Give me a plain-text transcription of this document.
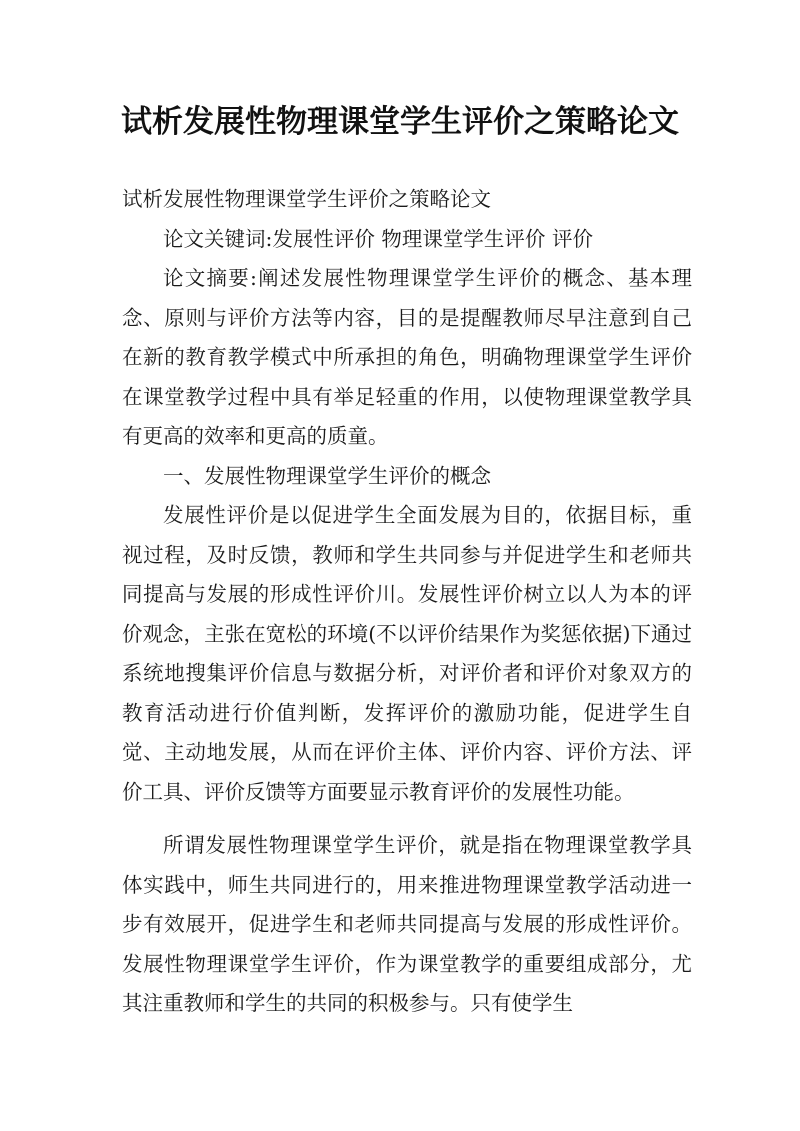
试析发展性物理课堂学生评价之策略论文

试析发展性物理课堂学生评价之策略论文

论文关键词:发展性评价 物理课堂学生评价 评价

论文摘要:阐述发展性物理课堂学生评价的概念、基本理念、原则与评价方法等内容，目的是提醒教师尽早注意到自己在新的教育教学模式中所承担的角色，明确物理课堂学生评价在课堂教学过程中具有举足轻重的作用，以使物理课堂教学具有更高的效率和更高的质童。

一、发展性物理课堂学生评价的概念

发展性评价是以促进学生全面发展为目的，依据目标，重视过程，及时反馈，教师和学生共同参与并促进学生和老师共同提高与发展的形成性评价川。发展性评价树立以人为本的评价观念，主张在宽松的环境(不以评价结果作为奖惩依据)下通过系统地搜集评价信息与数据分析，对评价者和评价对象双方的教育活动进行价值判断，发挥评价的激励功能，促进学生自觉、主动地发展，从而在评价主体、评价内容、评价方法、评价工具、评价反馈等方面要显示教育评价的发展性功能。

所谓发展性物理课堂学生评价，就是指在物理课堂教学具体实践中，师生共同进行的，用来推进物理课堂教学活动进一步有效展开，促进学生和老师共同提高与发展的形成性评价。发展性物理课堂学生评价，作为课堂教学的重要组成部分，尤其注重教师和学生的共同的积极参与。只有使学生
